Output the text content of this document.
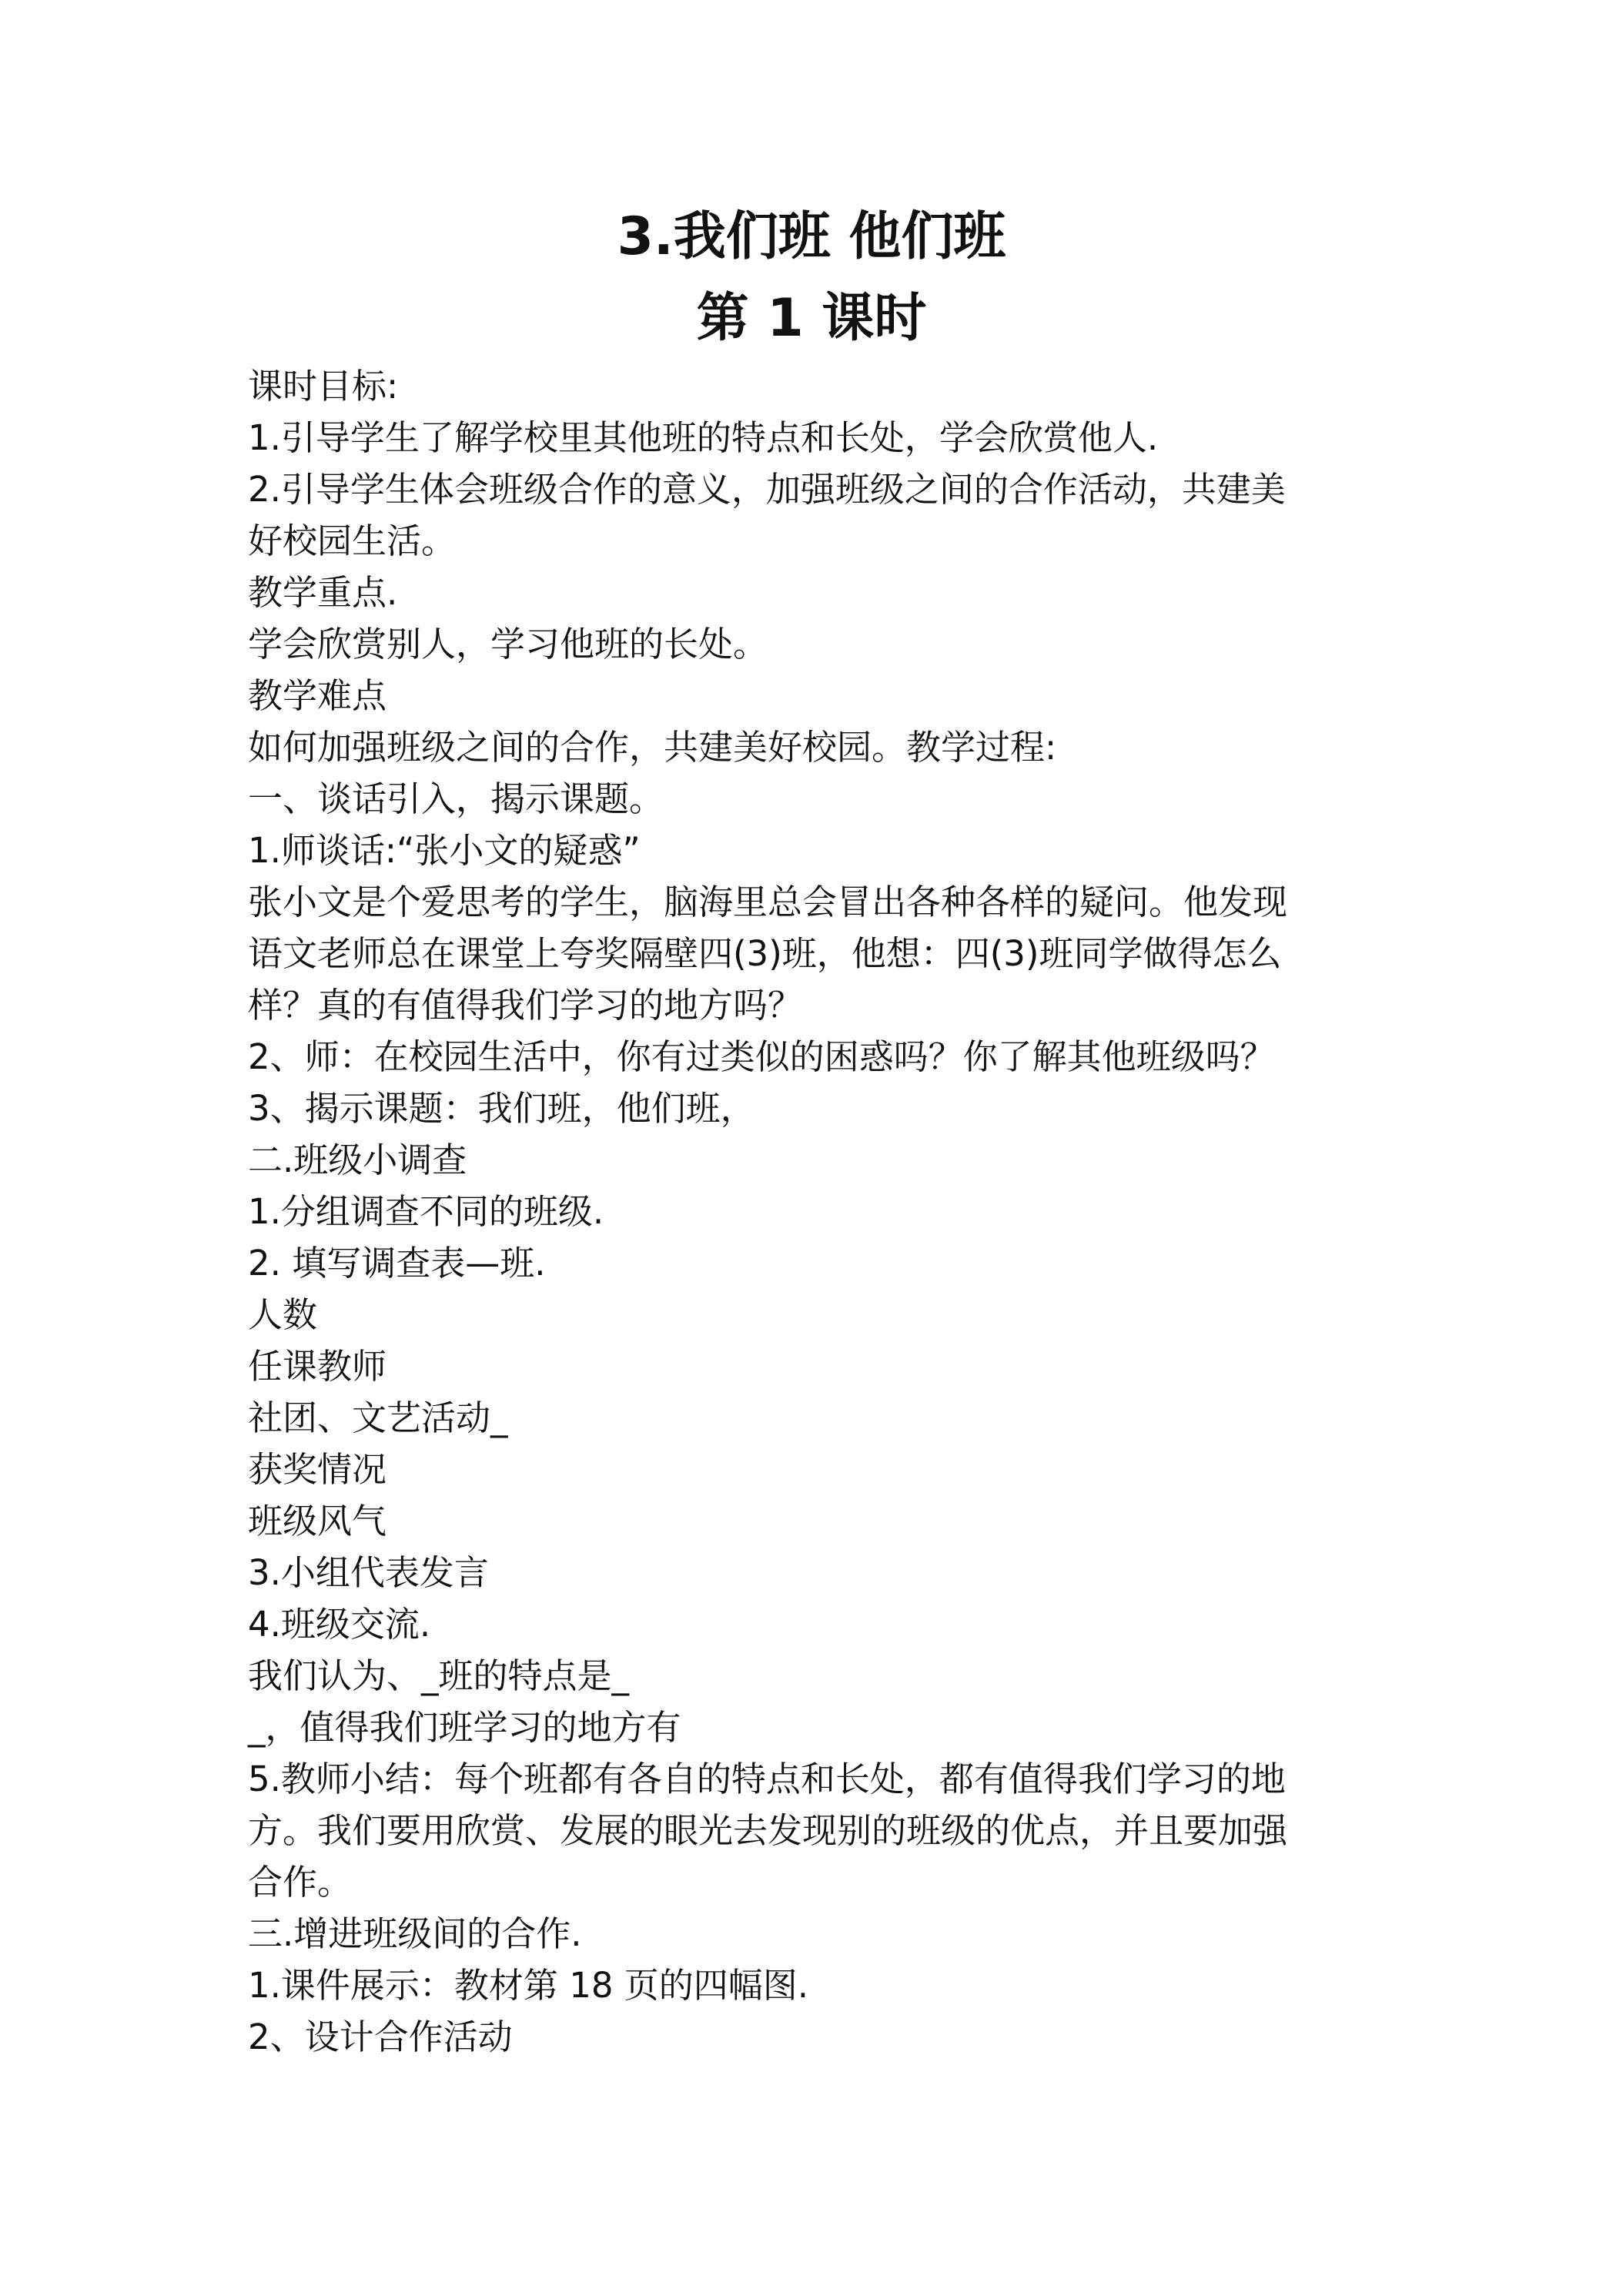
3.我们班 他们班
第 1 课时
课时目标:
1.引导学生了解学校里其他班的特点和长处，学会欣赏他人.
2.引导学生体会班级合作的意义，加强班级之间的合作活动，共建美
好校园生活。
教学重点.
学会欣赏别人，学习他班的长处。
教学难点
如何加强班级之间的合作，共建美好校园。教学过程:
一、谈话引入，揭示课题。
1.师谈话:“张小文的疑惑”
张小文是个爱思考的学生，脑海里总会冒出各种各样的疑问。他发现
语文老师总在课堂上夸奖隔壁四(3)班，他想：四(3)班同学做得怎么
样？真的有值得我们学习的地方吗？
2、师：在校园生活中，你有过类似的困惑吗？你了解其他班级吗？
3、揭示课题：我们班，他们班，
二.班级小调查
1.分组调查不同的班级.
2. 填写调查表—班.
人数
任课教师
社团、文艺活动_
获奖情况
班级风气
3.小组代表发言
4.班级交流.
我们认为、_班的特点是_
_，值得我们班学习的地方有
5.教师小结：每个班都有各自的特点和长处，都有值得我们学习的地
方。我们要用欣赏、发展的眼光去发现别的班级的优点，并且要加强
合作。
三.增进班级间的合作.
1.课件展示：教材第 18 页的四幅图.
2、设计合作活动
